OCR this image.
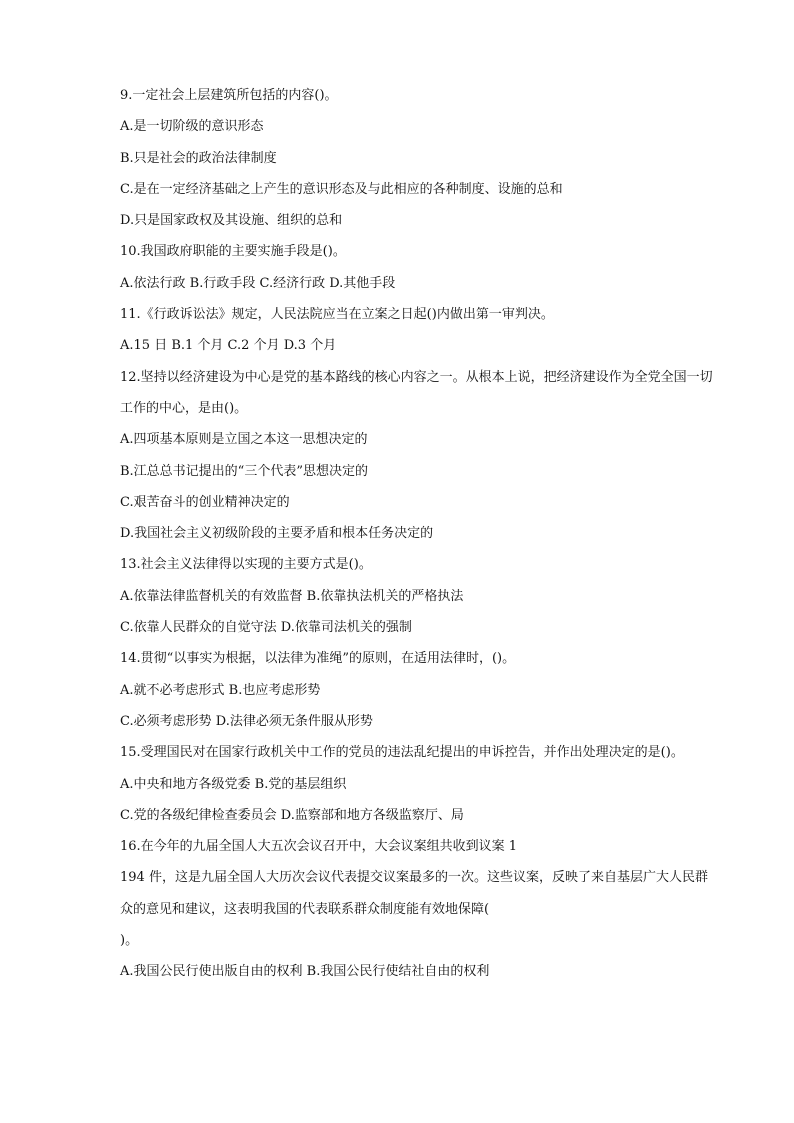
9.一定社会上层建筑所包括的内容()。
A.是一切阶级的意识形态
B.只是社会的政治法律制度
C.是在一定经济基础之上产生的意识形态及与此相应的各种制度、设施的总和
D.只是国家政权及其设施、组织的总和
10.我国政府职能的主要实施手段是()。
A.依法行政 B.行政手段 C.经济行政 D.其他手段
11.《行政诉讼法》规定，人民法院应当在立案之日起()内做出第一审判决。
A.15 日 B.1 个月 C.2 个月 D.3 个月
12.坚持以经济建设为中心是党的基本路线的核心内容之一。从根本上说，把经济建设作为全党全国一切
工作的中心，是由()。
A.四项基本原则是立国之本这一思想决定的
B.江总总书记提出的“三个代表”思想决定的
C.艰苦奋斗的创业精神决定的
D.我国社会主义初级阶段的主要矛盾和根本任务决定的
13.社会主义法律得以实现的主要方式是()。
A.依靠法律监督机关的有效监督 B.依靠执法机关的严格执法
C.依靠人民群众的自觉守法 D.依靠司法机关的强制
14.贯彻“以事实为根据，以法律为准绳”的原则，在适用法律时，()。
A.就不必考虑形式 B.也应考虑形势
C.必须考虑形势 D.法律必须无条件服从形势
15.受理国民对在国家行政机关中工作的党员的违法乱纪提出的申诉控告，并作出处理决定的是()。
A.中央和地方各级党委 B.党的基层组织
C.党的各级纪律检查委员会 D.监察部和地方各级监察厅、局
16.在今年的九届全国人大五次会议召开中，大会议案组共收到议案 1
194 件，这是九届全国人大历次会议代表提交议案最多的一次。这些议案，反映了来自基层广大人民群
众的意见和建议，这表明我国的代表联系群众制度能有效地保障(
)。
A.我国公民行使出版自由的权利 B.我国公民行使结社自由的权利
